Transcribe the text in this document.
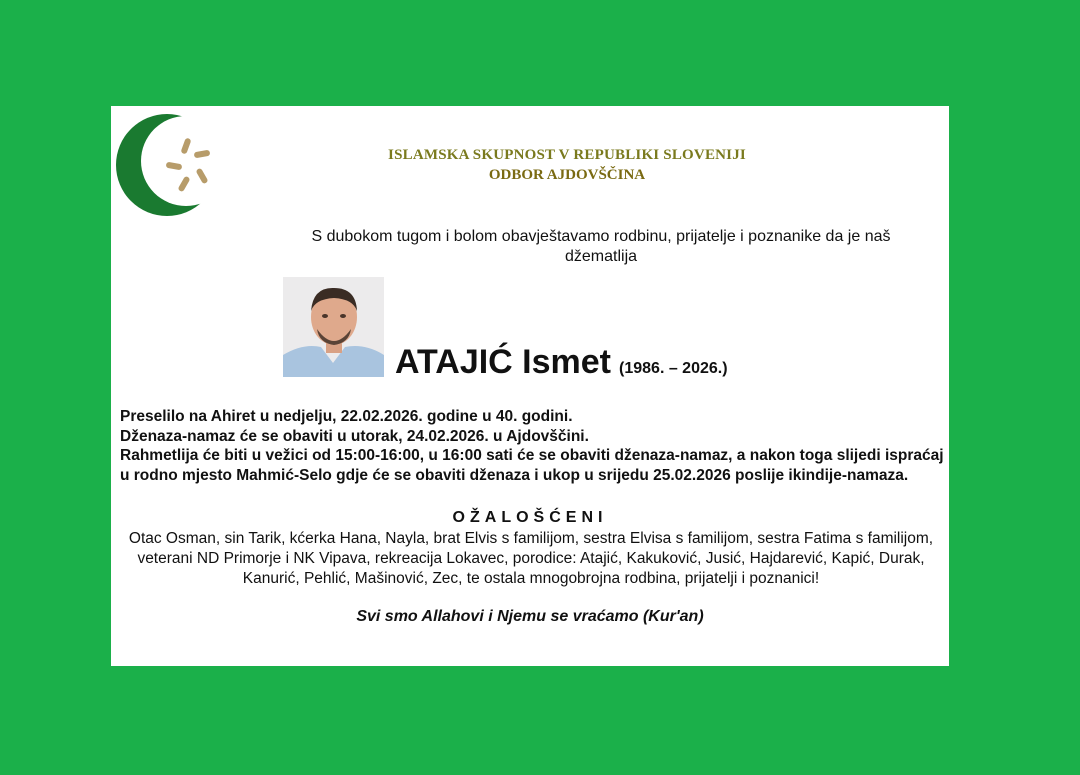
ISLAMSKA SKUPNOST V REPUBLIKI SLOVENIJI
ODBOR AJDOVŠČINA
S dubokom tugom i bolom obavještavamo rodbinu, prijatelje i poznanike da je naš džematlija
ATAJIĆ Ismet (1986. – 2026.)
Preselilo na Ahiret u nedjelju, 22.02.2026. godine u 40. godini.
Dženaza-namaz će se obaviti u utorak, 24.02.2026. u Ajdovščini.
Rahmetlija će biti u vežici od 15:00-16:00, u 16:00 sati će se obaviti dženaza-namaz, a nakon toga slijedi ispraćaj u rodno mjesto Mahmić-Selo gdje će se obaviti dženaza i ukop u srijedu 25.02.2026 poslije ikindije-namaza.
OŽALOŠĆENI
Otac Osman, sin Tarik, kćerka Hana, Nayla, brat Elvis s familijom, sestra Elvisa s familijom, sestra Fatima s familijom, veterani ND Primorje i NK Vipava, rekreacija Lokavec, porodice: Atajić, Kakuković, Jusić, Hajdarević, Kapić, Durak, Kanurić, Pehlić, Mašinović, Zec, te ostala mnogobrojna rodbina, prijatelji i poznanici!
Svi smo Allahovi i Njemu se vraćamo (Kur'an)
